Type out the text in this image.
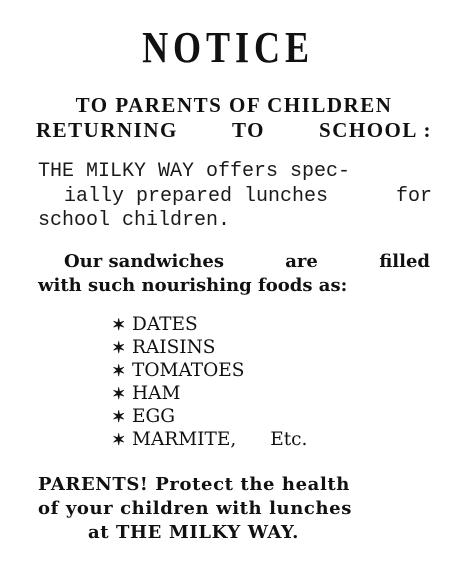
NOTICE
TO PARENTS OF CHILDREN
RETURNING	TO	SCHOOL :
THE MILKY WAY offers spec-
ially prepared lunches	for
school children.
Our sandwiches	are	filled
with such nourishing foods as:
✶ DATES
✶ RAISINS
✶ TOMATOES
✶ HAM
✶ EGG
✶ MARMITE, Etc.
PARENTS! Protect the health
of your children with lunches
at THE MILKY WAY.
